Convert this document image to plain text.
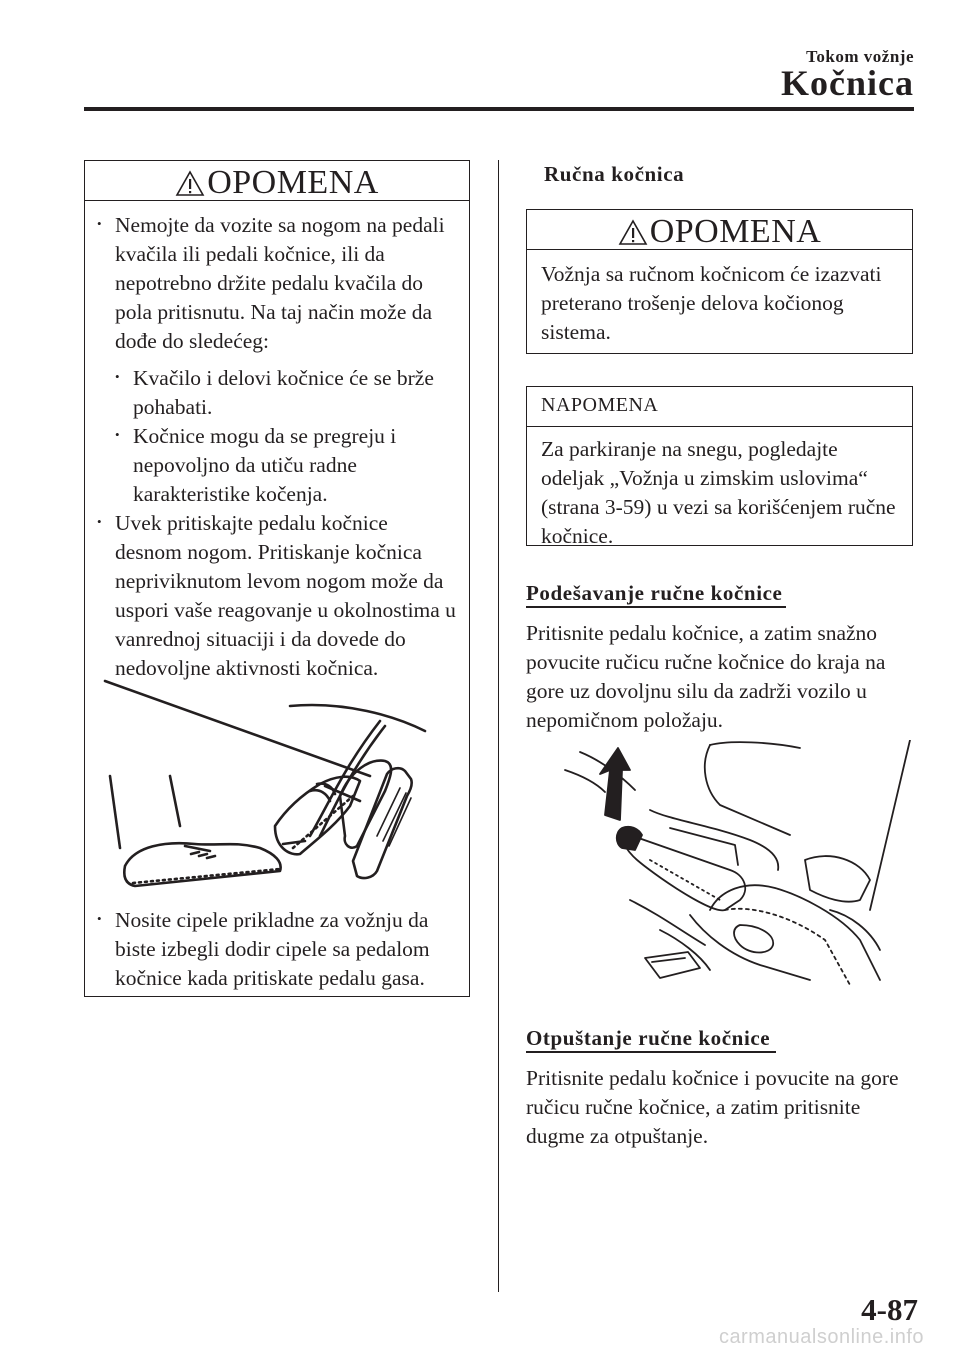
Tokom vožnje
Kočnica
OPOMENA
• Nemojte da vozite sa nogom na pedali kvačila ili pedali kočnice, ili da nepotrebno držite pedalu kvačila do pola pritisnutu. Na taj način može da dođe do sledećeg:
• Kvačilo i delovi kočnice će se brže pohabati.
• Kočnice mogu da se pregreju i nepovoljno da utiču radne karakteristike kočenja.
• Uvek pritiskajte pedalu kočnice desnom nogom. Pritiskanje kočnica nepriviknutom levom nogom može da uspori vaše reagovanje u okolnostima u vanrednoj situaciji i da dovede do nedovoljne aktivnosti kočnica.
• Nosite cipele prikladne za vožnju da biste izbegli dodir cipele sa pedalom kočnice kada pritiskate pedalu gasa.
Ručna kočnica
OPOMENA
Vožnja sa ručnom kočnicom će izazvati preterano trošenje delova kočionog sistema.
NAPOMENA
Za parkiranje na snegu, pogledajte odeljak „Vožnja u zimskim uslovima“ (strana 3-59) u vezi sa korišćenjem ručne kočnice.
Podešavanje ručne kočnice
Pritisnite pedalu kočnice, a zatim snažno povucite ručicu ručne kočnice do kraja na gore uz dovoljnu silu da zadrži vozilo u nepomičnom položaju.
Otpuštanje ručne kočnice
Pritisnite pedalu kočnice i povucite na gore ručicu ručne kočnice, a zatim pritisnite dugme za otpuštanje.
4-87
carmanualsonline.info
